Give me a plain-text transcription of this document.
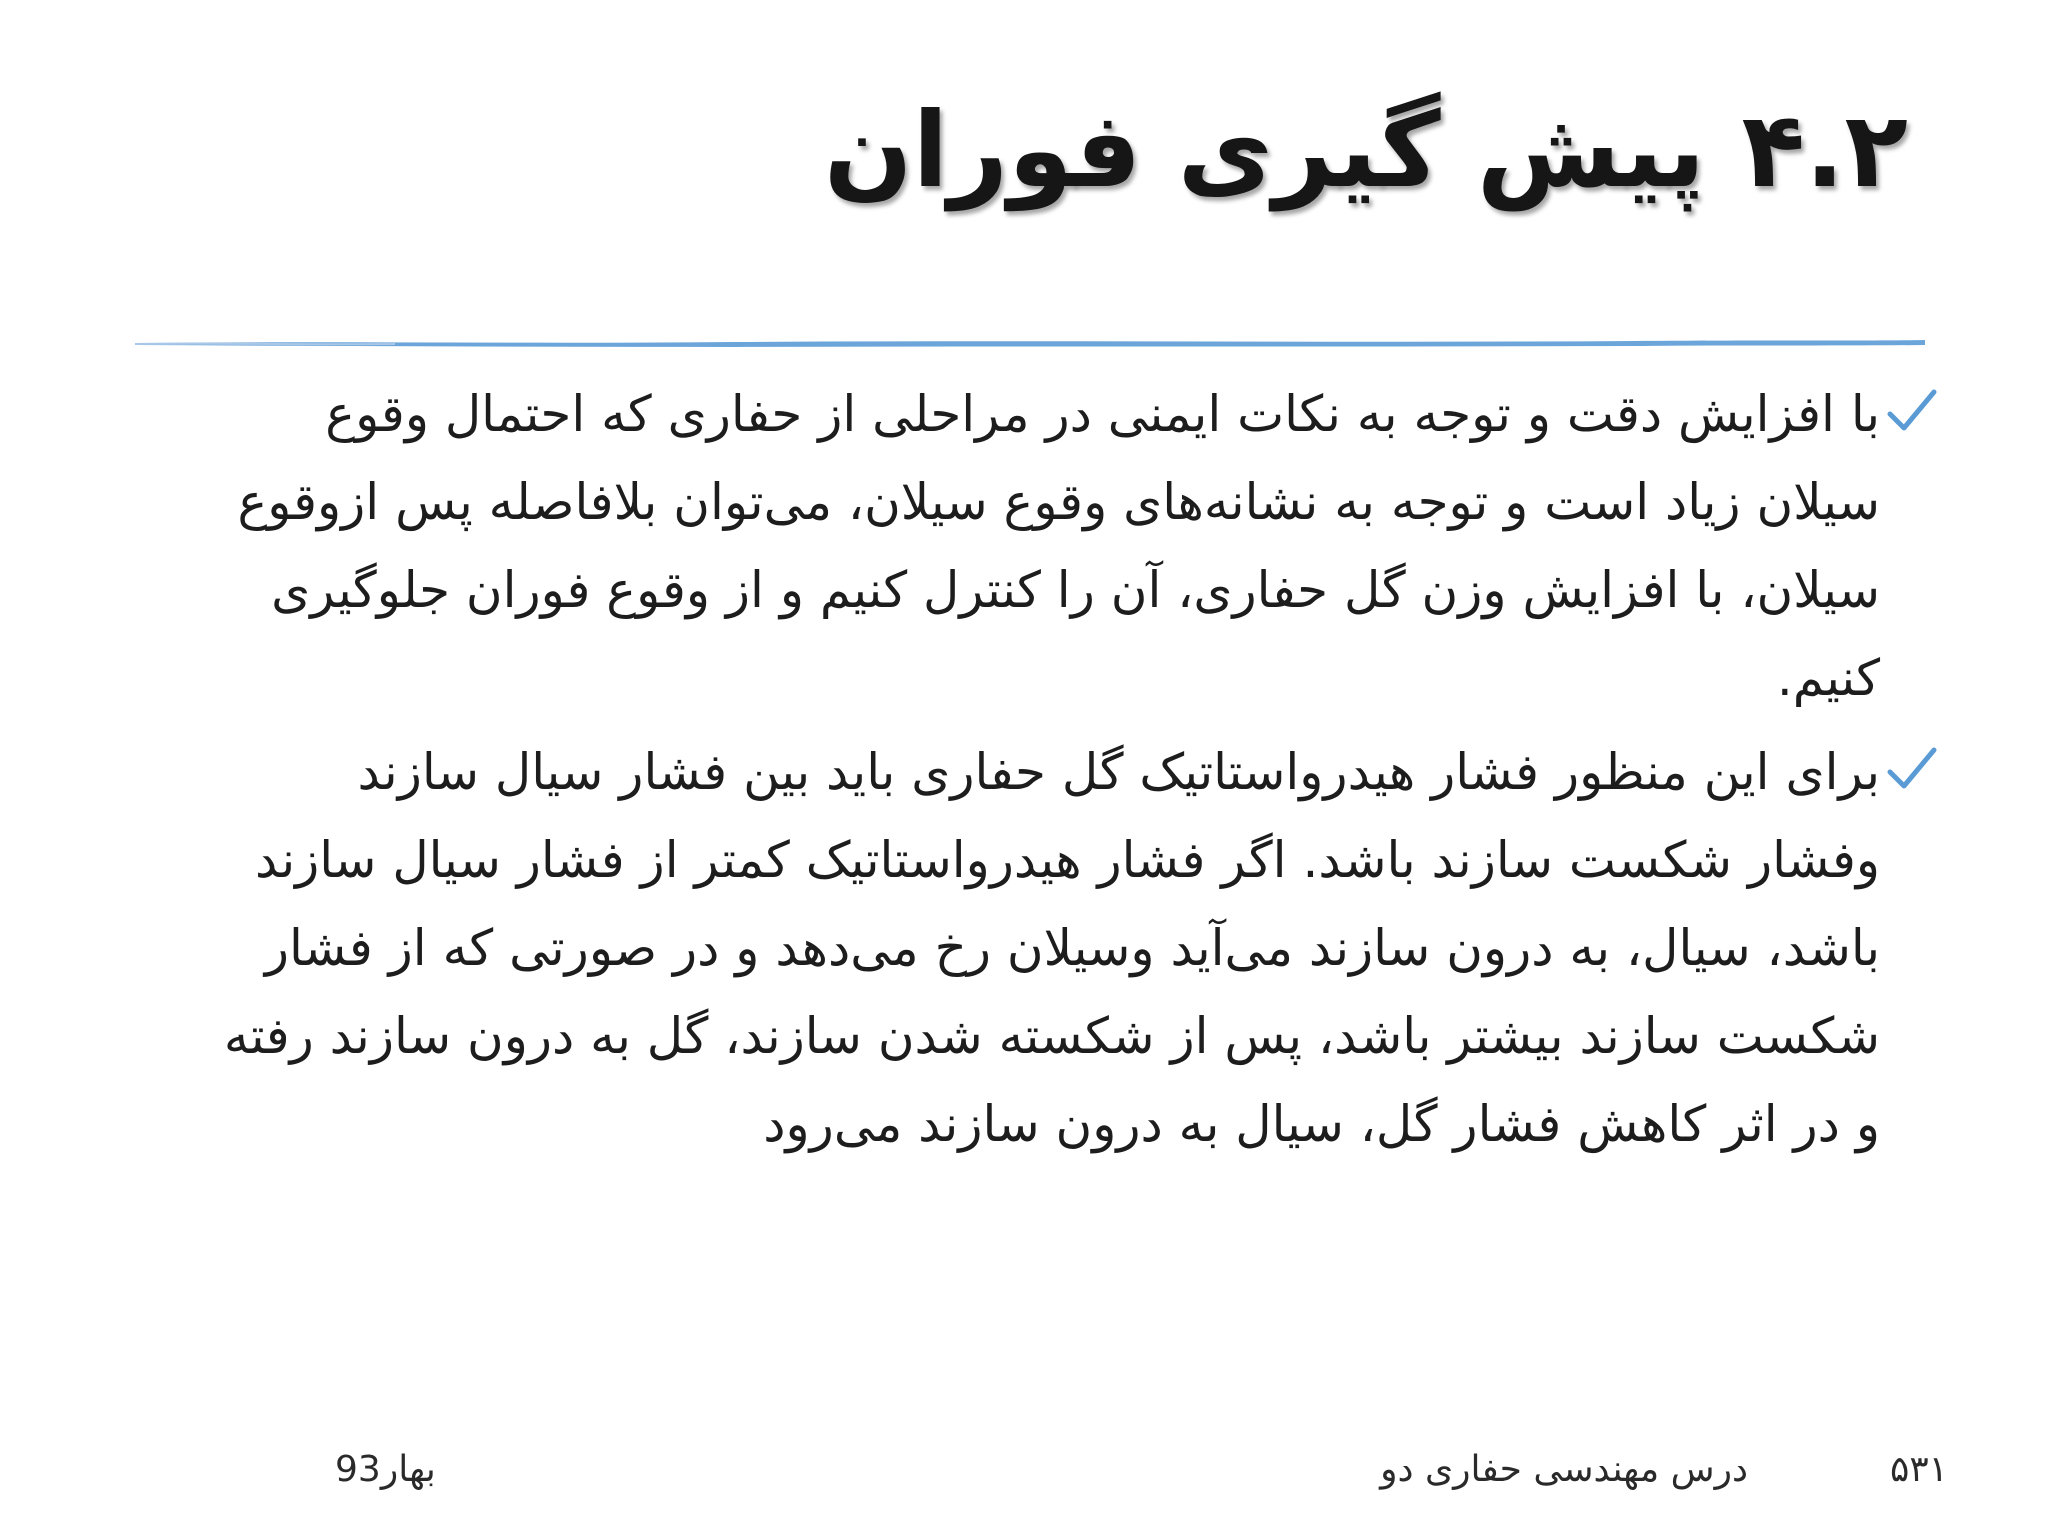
۴.۲ پیش گیری فوران
با افزایش دقت و توجه به نکات ایمنی در مراحلی از حفاری که احتمال وقوع سیلان زیاد است و توجه به نشانه‌های وقوع سیلان، می‌توان بلافاصله پس ازوقوع سیلان، با افزایش وزن گل حفاری، آن را کنترل کنیم و از وقوع فوران جلوگیری کنیم.
برای این منظور فشار هیدرواستاتیک گل حفاری باید بین فشار سیال سازند وفشار شکست سازند باشد. اگر فشار هیدرواستاتیک کمتر از فشار سیال سازند باشد، سیال، به درون سازند می‌آید وسیلان رخ می‌دهد و در صورتی که از فشار شکست سازند بیشتر باشد، پس از شکسته شدن سازند، گل به درون سازند رفته و در اثر کاهش فشار گل، سیال به درون سازند می‌رود
۵۳۱
درس مهندسی حفاری دو
بهار93
